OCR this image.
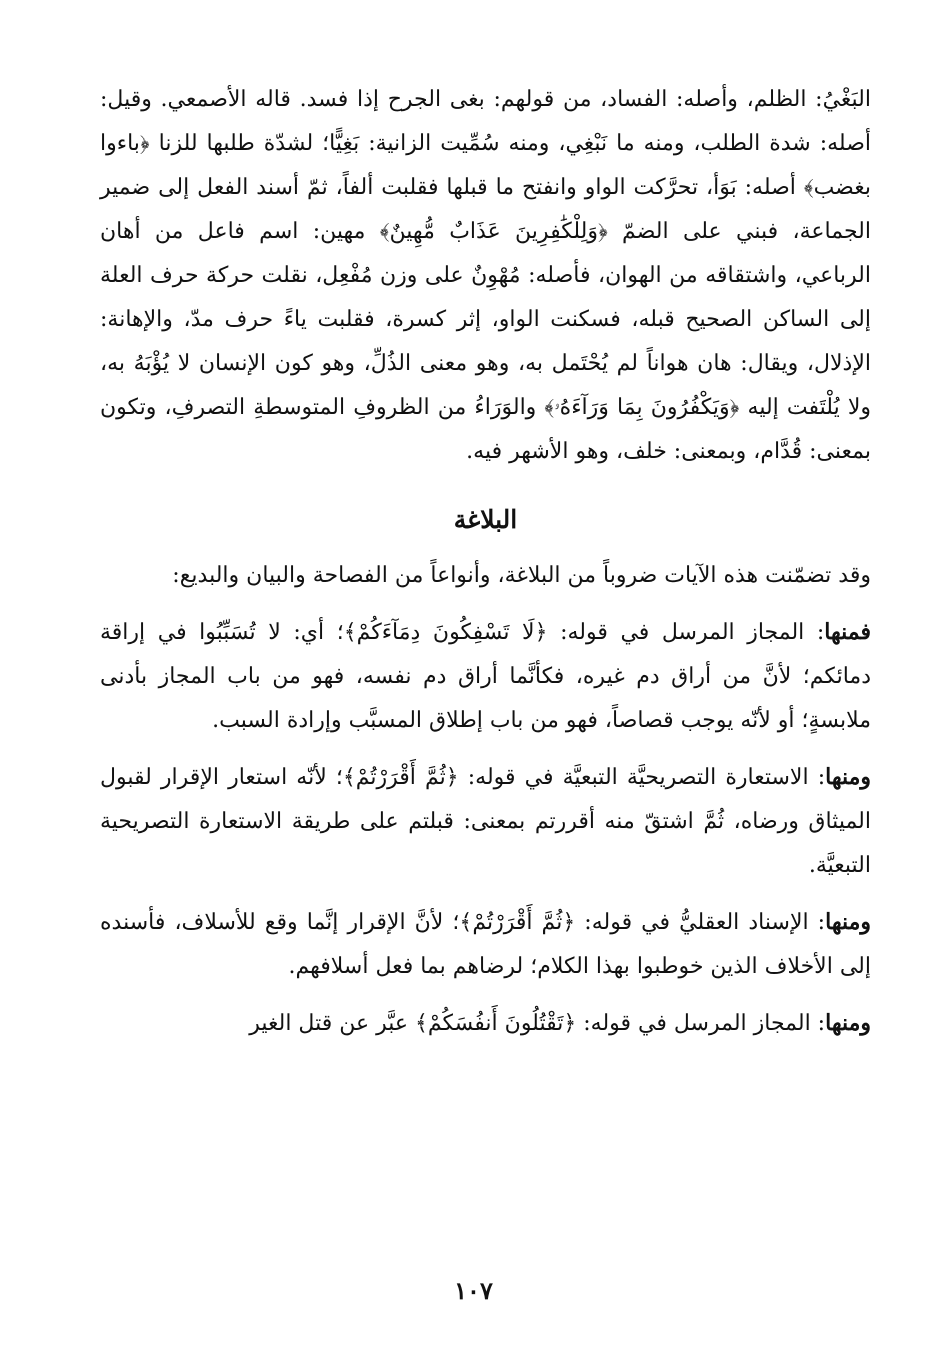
البَغْيُ: الظلم، وأصله: الفساد، من قولهم: بغى الجرح إذا فسد. قاله الأصمعي. وقيل: أصله: شدة الطلب، ومنه ما نَبْغِي، ومنه سُمِّيت الزانية: بَغِيًّا؛ لشدّة طلبها للزنا ﴿باءوا بغضب﴾ أصله: بَوَأ، تحرَّكت الواو وانفتح ما قبلها فقلبت ألفاً، ثمّ أسند الفعل إلى ضمير الجماعة، فبني على الضمّ ﴿وَلِلْكَٰفِرِينَ عَذَابٌ مُّهِينٌ﴾ مهين: اسم فاعل من أهان الرباعي، واشتقاقه من الهوان، فأصله: مُهْوِنٌ على وزن مُفْعِل، نقلت حركة حرف العلة إلى الساكن الصحيح قبله، فسكنت الواو، إثر كسرة، فقلبت ياءً حرف مدّ، والإهانة: الإذلال، ويقال: هان هواناً لم يُحْتَمل به، وهو معنى الذُلِّ، وهو كون الإنسان لا يُؤْبَهُ به، ولا يُلْتَفت إليه ﴿وَيَكْفُرُونَ بِمَا وَرَآءَهُۥ﴾ والوَرَاءُ من الظروفِ المتوسطةِ التصرفِ، وتكون بمعنى: قُدَّام، وبمعنى: خلف، وهو الأشهر فيه.

البلاغة

وقد تضمّنت هذه الآيات ضروباً من البلاغة، وأنواعاً من الفصاحة والبيان والبديع:

فمنها: المجاز المرسل في قوله: ﴿لَا تَسْفِكُونَ دِمَآءَكُمْ﴾؛ أي: لا تُسَبِّبُوا في إراقة دمائكم؛ لأنَّ من أراق دم غيره، فكأنَّما أراق دم نفسه، فهو من باب المجاز بأدنى ملابسةٍ؛ أو لأنّه يوجب قصاصاً، فهو من باب إطلاق المسبَّب وإرادة السبب.

ومنها: الاستعارة التصريحيَّة التبعيَّة في قوله: ﴿ثُمَّ أَقْرَرْتُمْ﴾؛ لأنّه استعار الإقرار لقبول الميثاق ورضاه، ثُمَّ اشتقّ منه أقررتم بمعنى: قبلتم على طريقة الاستعارة التصريحية التبعيَّة.

ومنها: الإسناد العقليُّ في قوله: ﴿ثُمَّ أَقْرَرْتُمْ﴾؛ لأنَّ الإقرار إنَّما وقع للأسلاف، فأسنده إلى الأخلاف الذين خوطبوا بهذا الكلام؛ لرضاهم بما فعل أسلافهم.

ومنها: المجاز المرسل في قوله: ﴿تَقْتُلُونَ أَنفُسَكُمْ﴾ عبَّر عن قتل الغير

١٠٧
